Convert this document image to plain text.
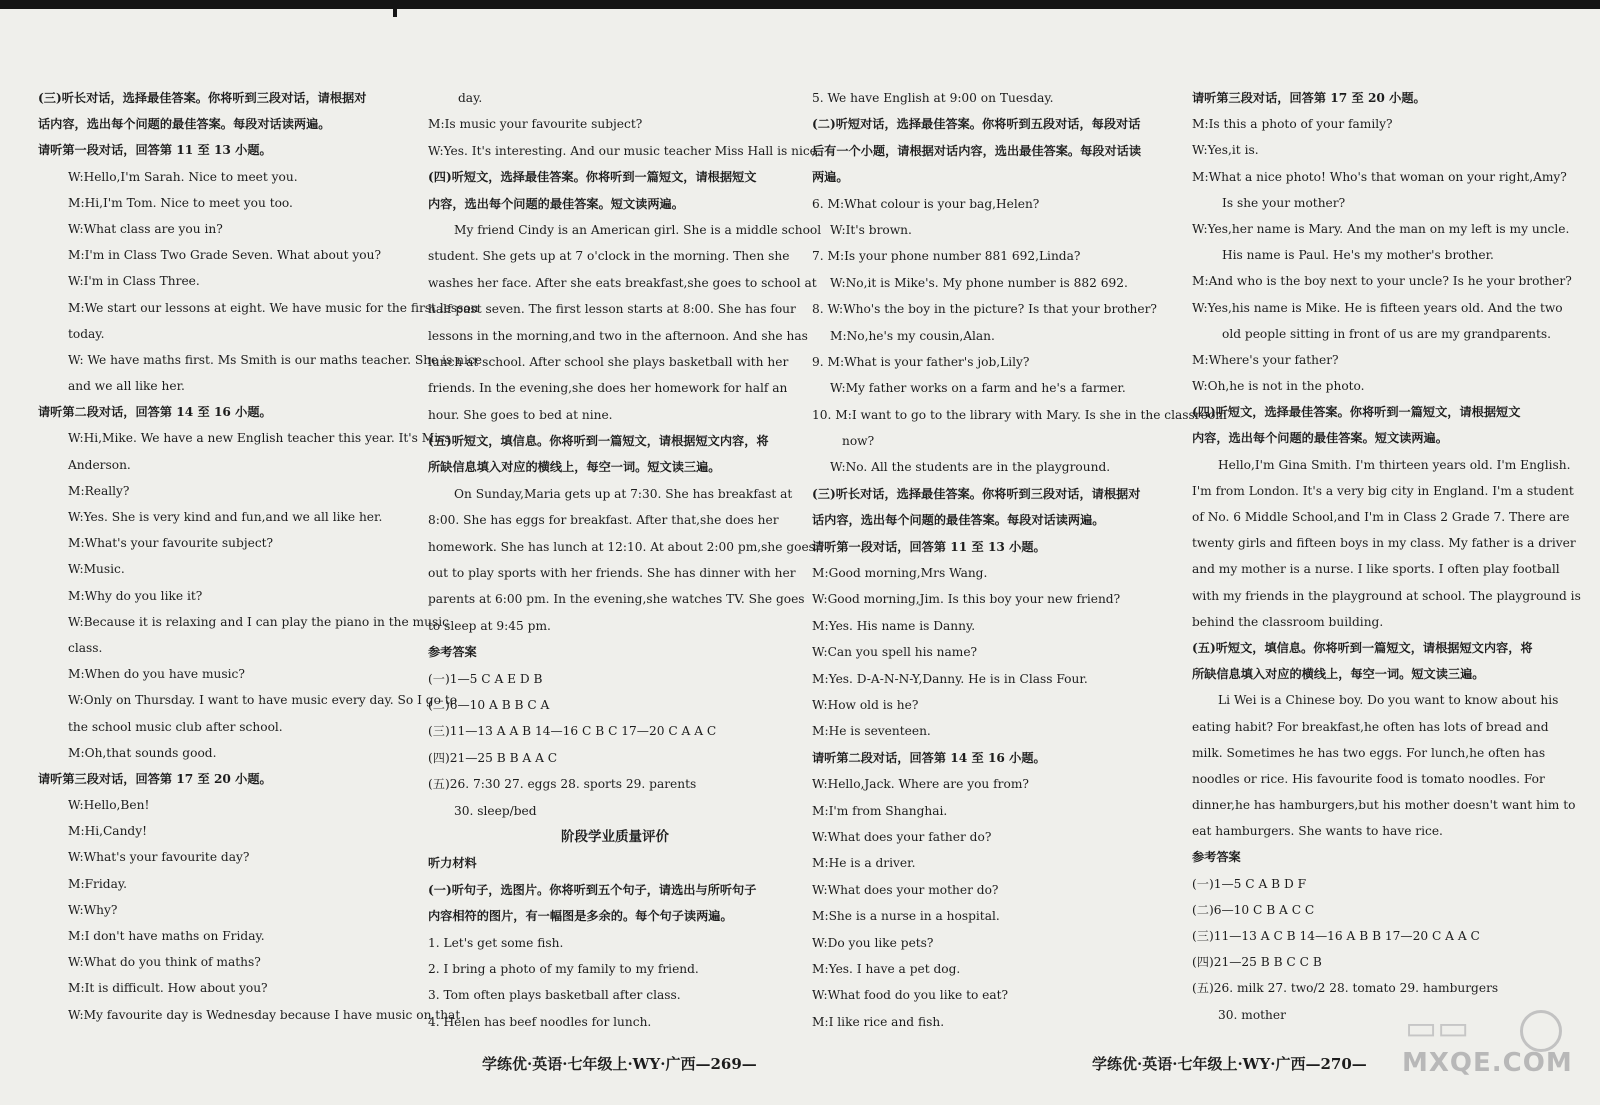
(三)听长对话，选择最佳答案。你将听到三段对话，请根据对
话内容，选出每个问题的最佳答案。每段对话读两遍。
请听第一段对话，回答第 11 至 13 小题。
W:Hello,I'm Sarah. Nice to meet you.
M:Hi,I'm Tom. Nice to meet you too.
W:What class are you in?
M:I'm in Class Two Grade Seven. What about you?
W:I'm in Class Three.
M:We start our lessons at eight. We have music for the first lesson
today.
W: We have maths first. Ms Smith is our maths teacher. She is nice
and we all like her.
请听第二段对话，回答第 14 至 16 小题。
W:Hi,Mike. We have a new English teacher this year. It's Miss
Anderson.
M:Really?
W:Yes. She is very kind and fun,and we all like her.
M:What's your favourite subject?
W:Music.
M:Why do you like it?
W:Because it is relaxing and I can play the piano in the music
class.
M:When do you have music?
W:Only on Thursday. I want to have music every day. So I go to
the school music club after school.
M:Oh,that sounds good.
请听第三段对话，回答第 17 至 20 小题。
W:Hello,Ben!
M:Hi,Candy!
W:What's your favourite day?
M:Friday.
W:Why?
M:I don't have maths on Friday.
W:What do you think of maths?
M:It is difficult. How about you?
W:My favourite day is Wednesday because I have music on that
day.
M:Is music your favourite subject?
W:Yes. It's interesting. And our music teacher Miss Hall is nice.
(四)听短文，选择最佳答案。你将听到一篇短文，请根据短文
内容，选出每个问题的最佳答案。短文读两遍。
My friend Cindy is an American girl. She is a middle school
student. She gets up at 7 o'clock in the morning. Then she
washes her face. After she eats breakfast,she goes to school at
half past seven. The first lesson starts at 8:00. She has four
lessons in the morning,and two in the afternoon. And she has
lunch at school. After school she plays basketball with her
friends. In the evening,she does her homework for half an
hour. She goes to bed at nine.
(五)听短文，填信息。你将听到一篇短文，请根据短文内容，将
所缺信息填入对应的横线上，每空一词。短文读三遍。
On Sunday,Maria gets up at 7:30. She has breakfast at
8:00. She has eggs for breakfast. After that,she does her
homework. She has lunch at 12:10. At about 2:00 pm,she goes
out to play sports with her friends. She has dinner with her
parents at 6:00 pm. In the evening,she watches TV. She goes
to sleep at 9:45 pm.
参考答案
(一)1—5 C A E D B
(二)6—10 A B B C A
(三)11—13 A A B 14—16 C B C 17—20 C A A C
(四)21—25 B B A A C
(五)26. 7:30 27. eggs 28. sports 29. parents
30. sleep/bed
阶段学业质量评价
听力材料
(一)听句子，选图片。你将听到五个句子，请选出与所听句子
内容相符的图片，有一幅图是多余的。每个句子读两遍。
1. Let's get some fish.
2. I bring a photo of my family to my friend.
3. Tom often plays basketball after class.
4. Helen has beef noodles for lunch.
5. We have English at 9:00 on Tuesday.
(二)听短对话，选择最佳答案。你将听到五段对话，每段对话
后有一个小题，请根据对话内容，选出最佳答案。每段对话读
两遍。
6. M:What colour is your bag,Helen?
W:It's brown.
7. M:Is your phone number 881 692,Linda?
W:No,it is Mike's. My phone number is 882 692.
8. W:Who's the boy in the picture? Is that your brother?
M:No,he's my cousin,Alan.
9. M:What is your father's job,Lily?
W:My father works on a farm and he's a farmer.
10. M:I want to go to the library with Mary. Is she in the classroom
now?
W:No. All the students are in the playground.
(三)听长对话，选择最佳答案。你将听到三段对话，请根据对
话内容，选出每个问题的最佳答案。每段对话读两遍。
请听第一段对话，回答第 11 至 13 小题。
M:Good morning,Mrs Wang.
W:Good morning,Jim. Is this boy your new friend?
M:Yes. His name is Danny.
W:Can you spell his name?
M:Yes. D-A-N-N-Y,Danny. He is in Class Four.
W:How old is he?
M:He is seventeen.
请听第二段对话，回答第 14 至 16 小题。
W:Hello,Jack. Where are you from?
M:I'm from Shanghai.
W:What does your father do?
M:He is a driver.
W:What does your mother do?
M:She is a nurse in a hospital.
W:Do you like pets?
M:Yes. I have a pet dog.
W:What food do you like to eat?
M:I like rice and fish.
请听第三段对话，回答第 17 至 20 小题。
M:Is this a photo of your family?
W:Yes,it is.
M:What a nice photo! Who's that woman on your right,Amy?
Is she your mother?
W:Yes,her name is Mary. And the man on my left is my uncle.
His name is Paul. He's my mother's brother.
M:And who is the boy next to your uncle? Is he your brother?
W:Yes,his name is Mike. He is fifteen years old. And the two
old people sitting in front of us are my grandparents.
M:Where's your father?
W:Oh,he is not in the photo.
(四)听短文，选择最佳答案。你将听到一篇短文，请根据短文
内容，选出每个问题的最佳答案。短文读两遍。
Hello,I'm Gina Smith. I'm thirteen years old. I'm English.
I'm from London. It's a very big city in England. I'm a student
of No. 6 Middle School,and I'm in Class 2 Grade 7. There are
twenty girls and fifteen boys in my class. My father is a driver
and my mother is a nurse. I like sports. I often play football
with my friends in the playground at school. The playground is
behind the classroom building.
(五)听短文，填信息。你将听到一篇短文，请根据短文内容，将
所缺信息填入对应的横线上，每空一词。短文读三遍。
Li Wei is a Chinese boy. Do you want to know about his
eating habit? For breakfast,he often has lots of bread and
milk. Sometimes he has two eggs. For lunch,he often has
noodles or rice. His favourite food is tomato noodles. For
dinner,he has hamburgers,but his mother doesn't want him to
eat hamburgers. She wants to have rice.
参考答案
(一)1—5 C A B D F
(二)6—10 C B A C C
(三)11—13 A C B 14—16 A B B 17—20 C A A C
(四)21—25 B B C C B
(五)26. milk 27. two/2 28. tomato 29. hamburgers
30. mother
学练优·英语·七年级上·WY·广西—269—	学练优·英语·七年级上·WY·广西—270—
▭▭
MXQE.COM
